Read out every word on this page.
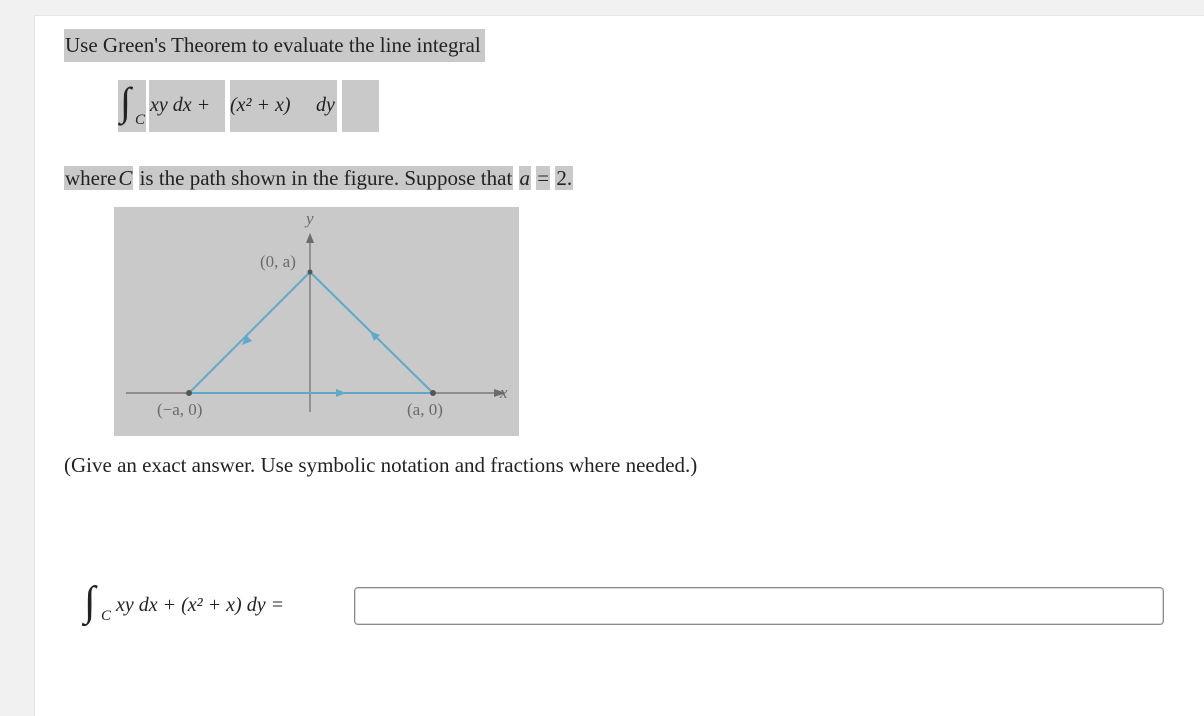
Use Green's Theorem to evaluate the line integral
∫ C
xy dx + (x² + x) dy
whereC is the path shown in the figure. Suppose that a = 2.
y
x
(0, a)
(−a, 0)	(a, 0)
(Give an exact answer. Use symbolic notation and fractions where needed.)
∫ C xy dx + (x² + x) dy =
